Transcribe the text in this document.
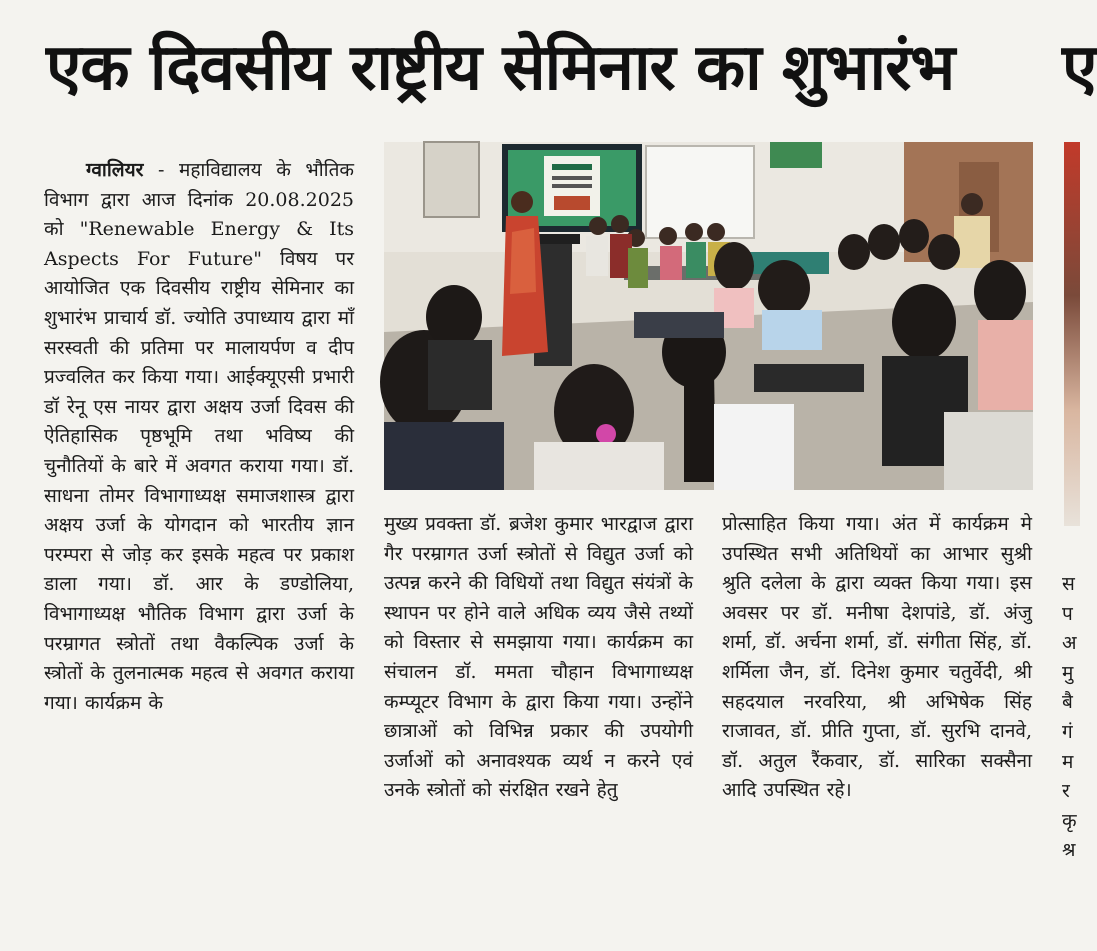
एक दिवसीय राष्ट्रीय सेमिनार का शुभारंभ	ए

ग्वालियर - महाविद्यालय के भौतिक विभाग द्वारा आज दिनांक 20.08.2025 को "Renewable Energy & Its Aspects For Future" विषय पर आयोजित एक दिवसीय राष्ट्रीय सेमिनार का शुभारंभ प्राचार्य डॉ. ज्योति उपाध्याय द्वारा माँ सरस्वती की प्रतिमा पर मालायर्पण व दीप प्रज्वलित कर किया गया। आईक्यूएसी प्रभारी डॉ रेनू एस नायर द्वारा अक्षय उर्जा दिवस की ऐतिहासिक पृष्ठभूमि तथा भविष्य की चुनौतियों के बारे में अवगत कराया गया। डॉ. साधना तोमर विभागाध्यक्ष समाजशास्त्र द्वारा अक्षय उर्जा के योगदान को भारतीय ज्ञान परम्परा से जोड़ कर इसके महत्व पर प्रकाश डाला गया। डॉ. आर के डण्डोलिया, विभागाध्यक्ष भौतिक विभाग द्वारा उर्जा के परम्रागत स्त्रोतों तथा वैकल्पिक उर्जा के स्त्रोतों के तुलनात्मक महत्व से अवगत कराया गया। कार्यक्रम के

मुख्य प्रवक्ता डॉ. ब्रजेश कुमार भारद्वाज द्वारा गैर परम्रागत उर्जा स्त्रोतों से विद्युत उर्जा को उत्पन्न करने की विधियों तथा विद्युत संयंत्रों के स्थापन पर होने वाले अधिक व्यय जैसे तथ्यों को विस्तार से समझाया गया। कार्यक्रम का संचालन डॉ. ममता चौहान विभागाध्यक्ष कम्प्यूटर विभाग के द्वारा किया गया। उन्होंने छात्राओं को विभिन्न प्रकार की उपयोगी उर्जाओं को अनावश्यक व्यर्थ न करने एवं उनके स्त्रोतों को संरक्षित रखने हेतु

प्रोत्साहित किया गया। अंत में कार्यक्रम मे उपस्थित सभी अतिथियों का आभार सुश्री श्रुति दलेला के द्वारा व्यक्त किया गया। इस अवसर पर डॉ. मनीषा देशपांडे, डॉ. अंजु शर्मा, डॉ. अर्चना शर्मा, डॉ. संगीता सिंह, डॉ. शर्मिला जैन, डॉ. दिनेश कुमार चतुर्वेदी, श्री सहदयाल नरवरिया, श्री अभिषेक सिंह राजावत, डॉ. प्रीति गुप्ता, डॉ. सुरभि दानवे, डॉ. अतुल रैंकवार, डॉ. सारिका सक्सैना आदि उपस्थित रहे।

स
प
अ
मु
बै
गं
म
र
कृ
श्र
